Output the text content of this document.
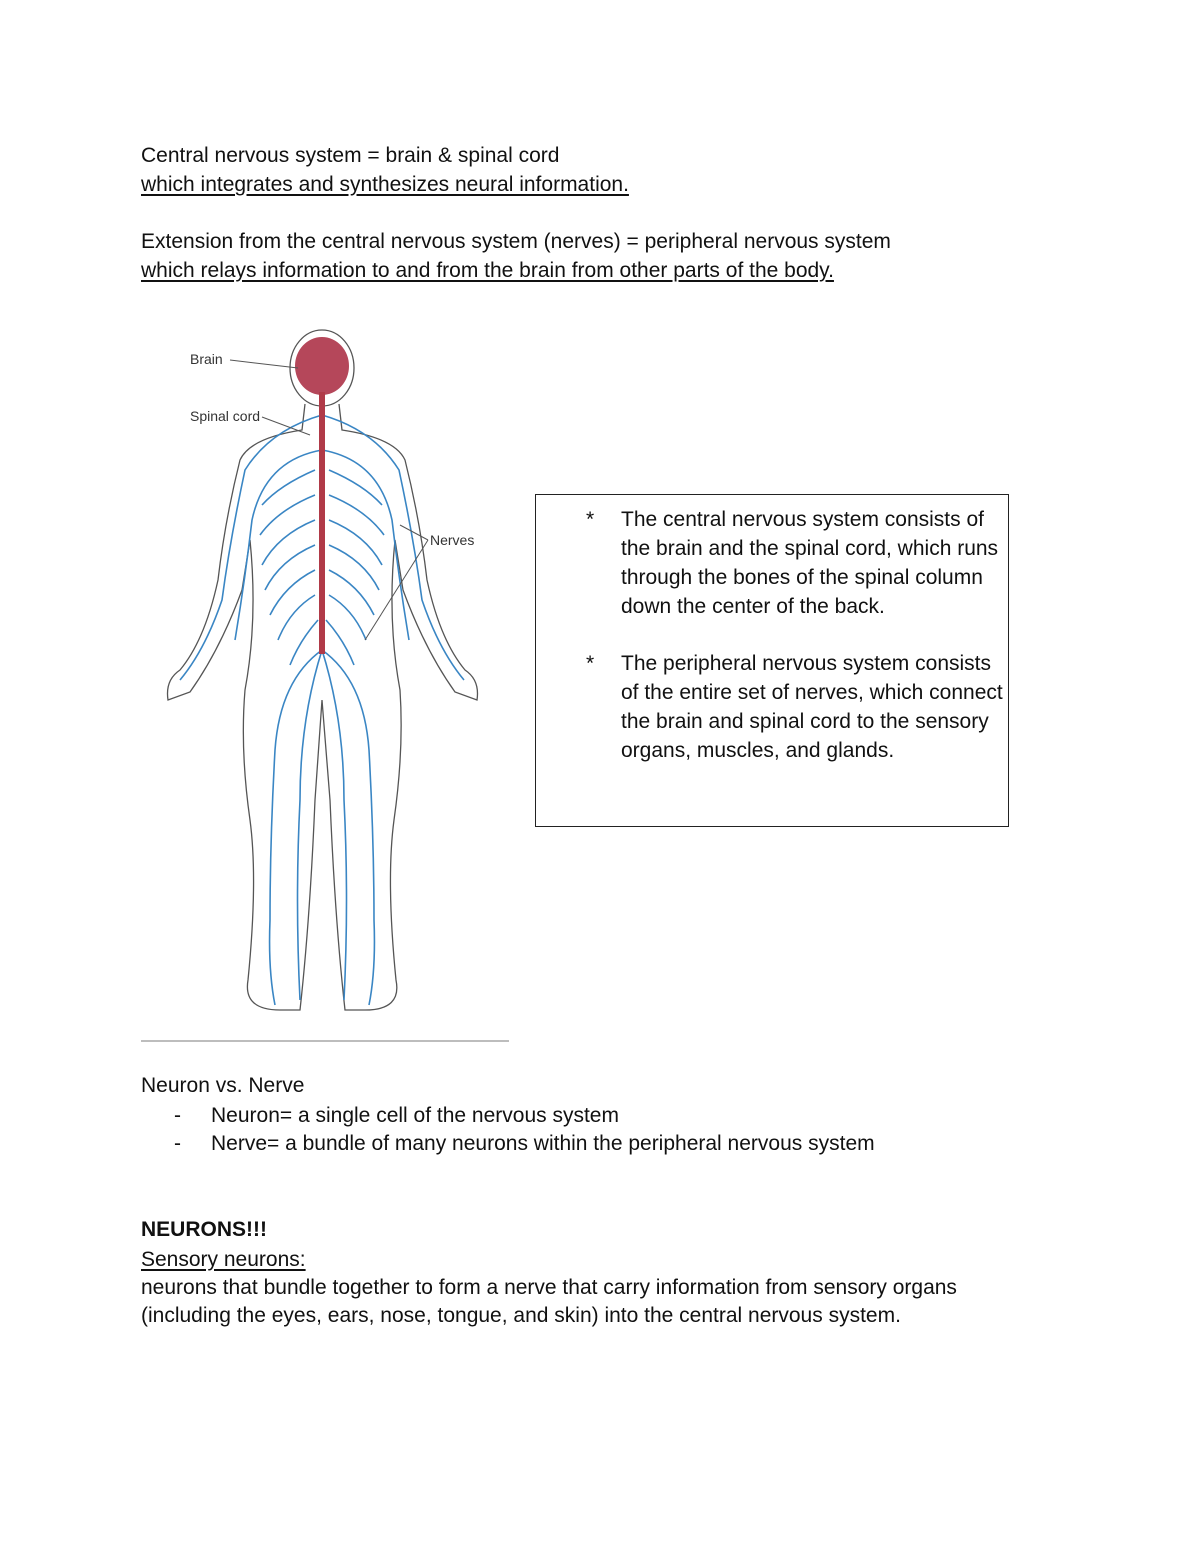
Central nervous system = brain & spinal cord
which integrates and synthesizes neural information.
Extension from the central nervous system (nerves) = peripheral nervous system
which relays information to and from the brain from other parts of the body.
Brain
Spinal cord
Nerves
* The central nervous system consists of the brain and the spinal cord, which runs through the bones of the spinal column down the center of the back.
* The peripheral nervous system consists of the entire set of nerves, which connect the brain and spinal cord to the sensory organs, muscles, and glands.
Neuron vs. Nerve
- Neuron= a single cell of the nervous system
- Nerve= a bundle of many neurons within the peripheral nervous system
NEURONS!!!
Sensory neurons:
neurons that bundle together to form a nerve that carry information from sensory organs
(including the eyes, ears, nose, tongue, and skin) into the central nervous system.
